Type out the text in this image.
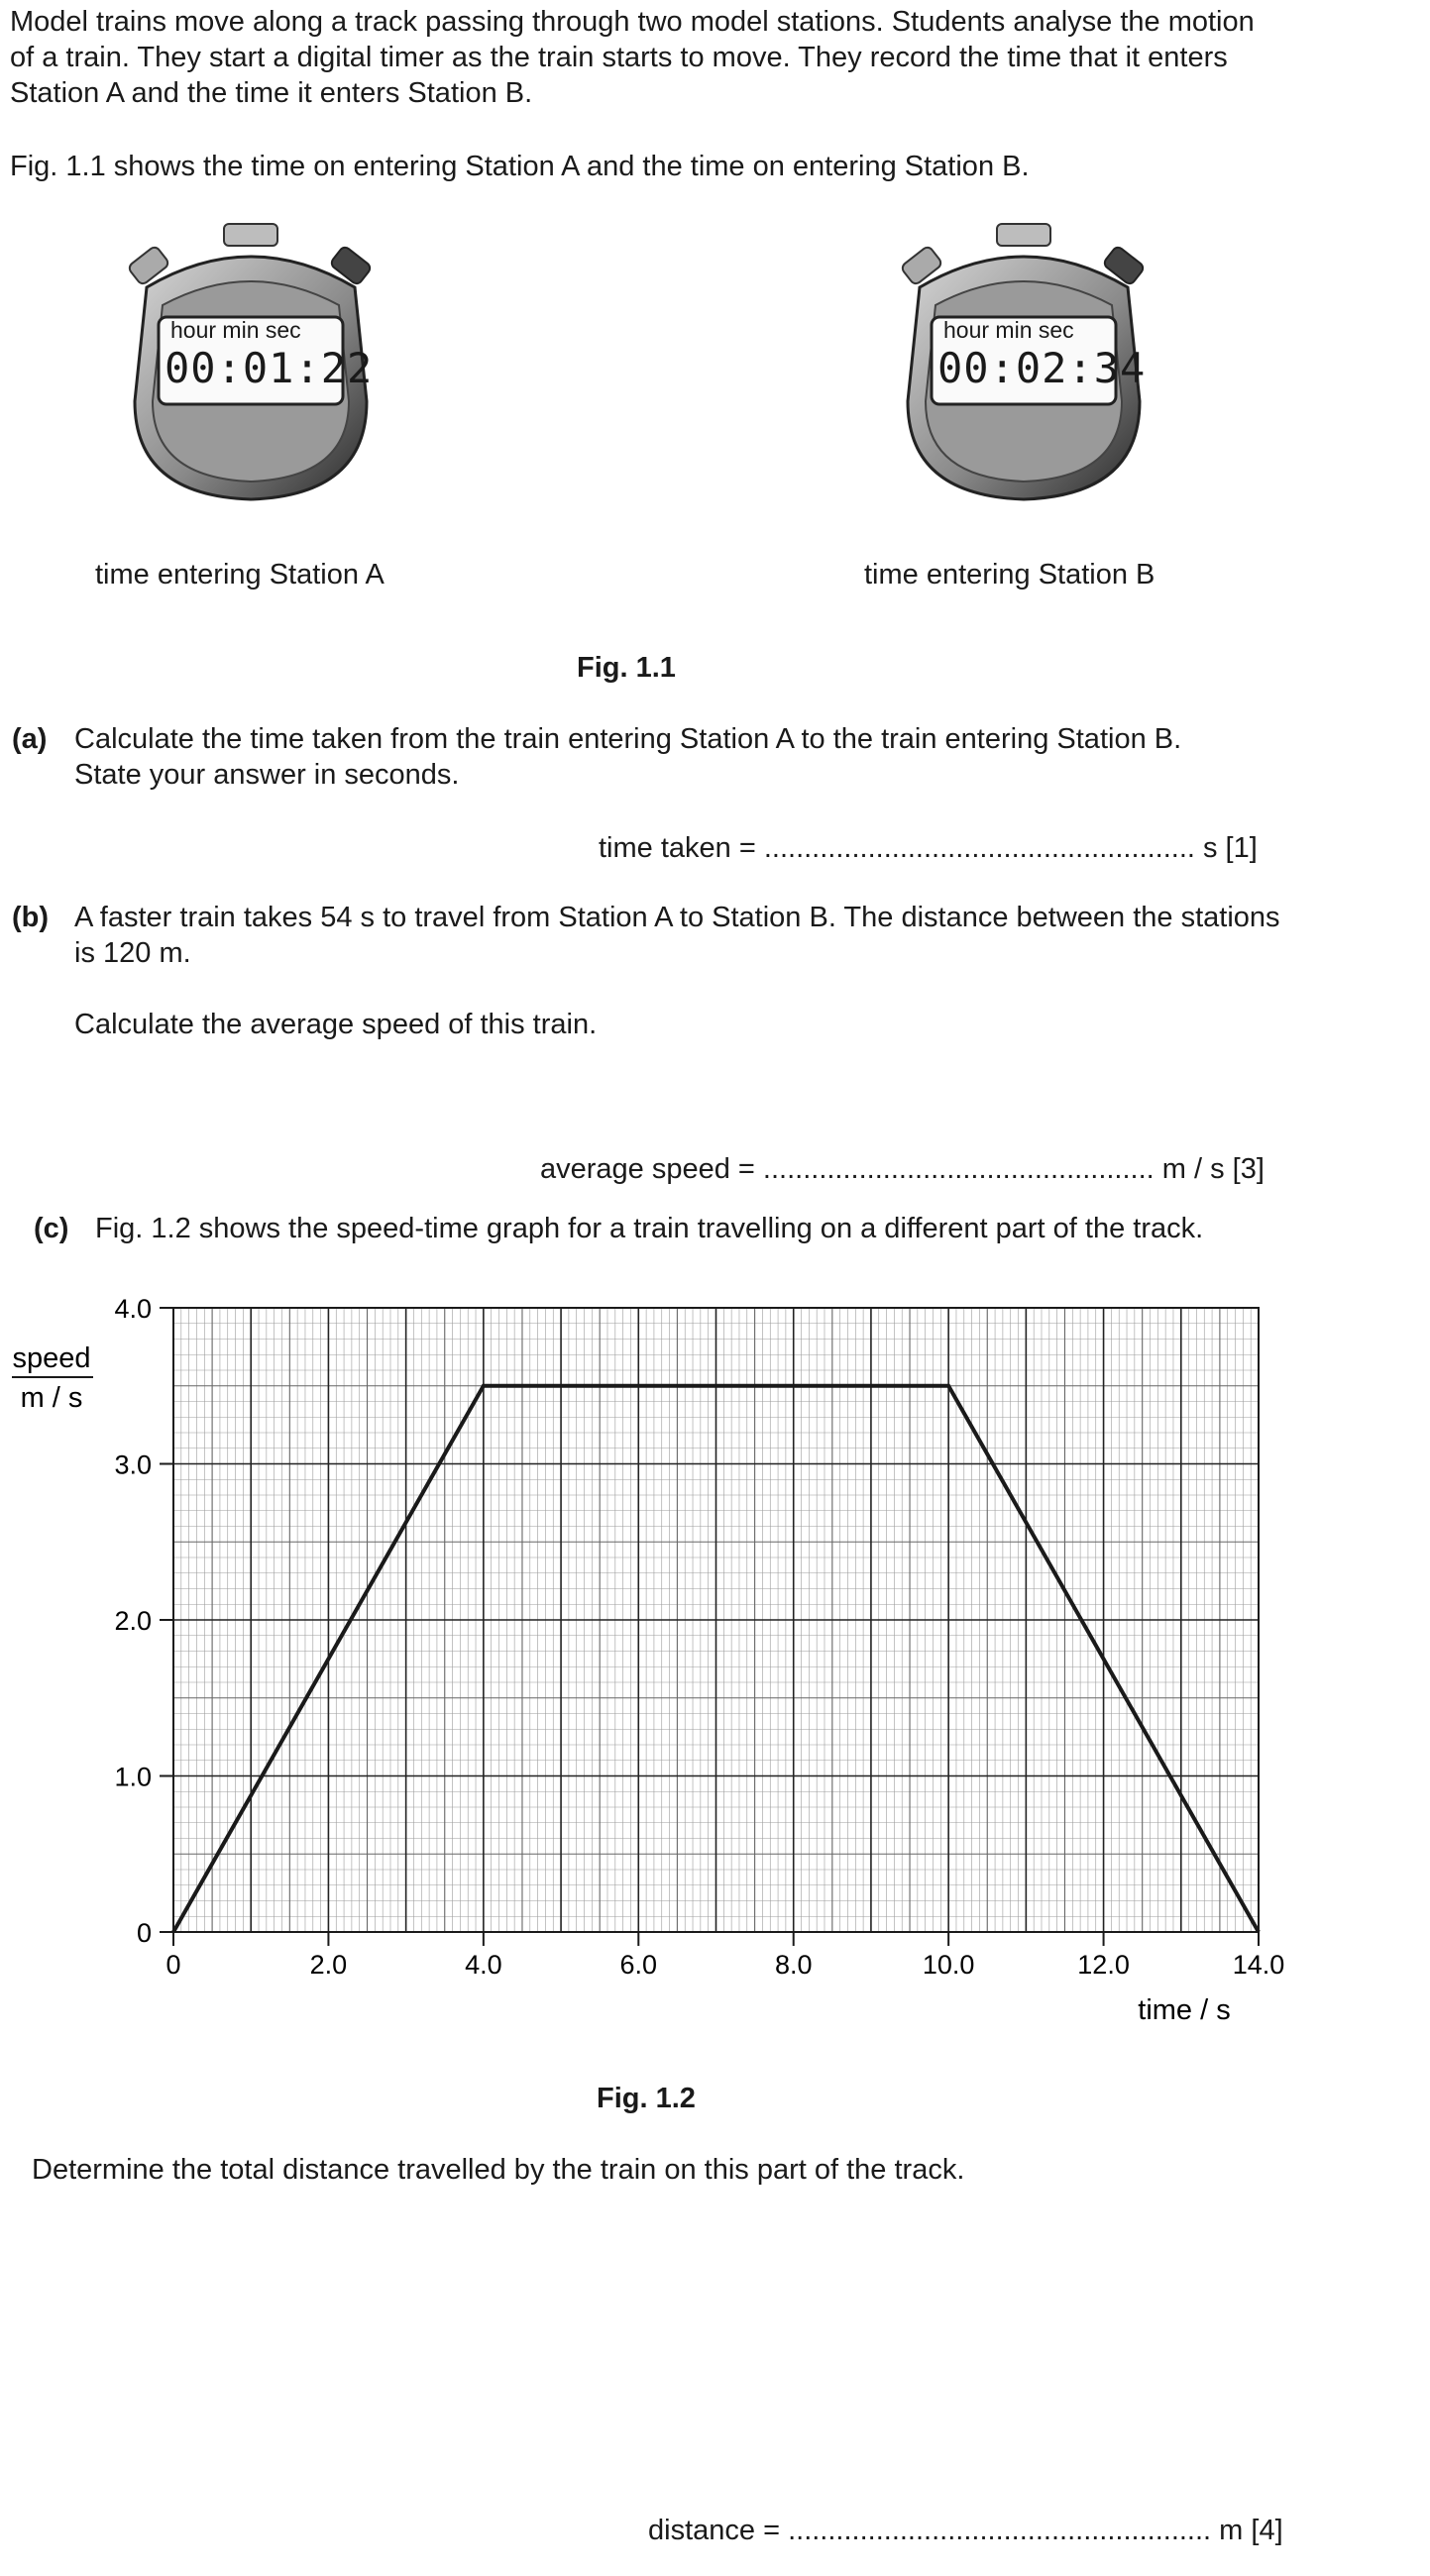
Model trains move along a track passing through two model stations. Students analyse the motion
of a train. They start a digital timer as the train starts to move. They record the time that it enters
Station A and the time it enters Station B.
Fig. 1.1 shows the time on entering Station A and the time on entering Station B.
hour min sec
00:01:22
time entering Station A
hour min sec
00:02:34
time entering Station B
Fig. 1.1
(a) Calculate the time taken from the train entering Station A to the train entering Station B.
State your answer in seconds.
time taken = ...................................................... s [1]
(b) A faster train takes 54 s to travel from Station A to Station B. The distance between the stations
is 120 m.
Calculate the average speed of this train.
average speed = ................................................. m / s [3]
(c) Fig. 1.2 shows the speed-time graph for a train travelling on a different part of the track.
0	2.0	4.0	6.0	8.0	10.0	12.0	14.0
0
1.0
2.0
3.0
4.0
speed
m / s
time / s
Fig. 1.2
Determine the total distance travelled by the train on this part of the track.
distance = ..................................................... m [4]
